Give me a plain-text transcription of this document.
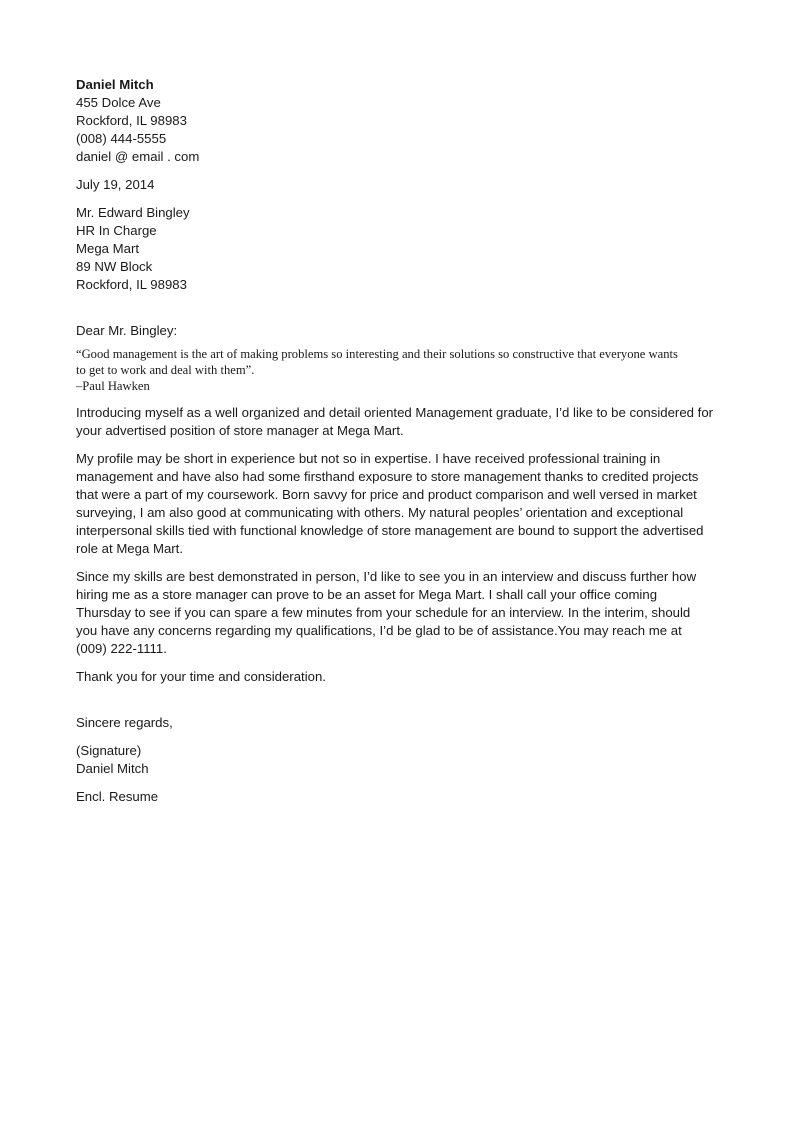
Daniel Mitch
455 Dolce Ave
Rockford, IL 98983
(008) 444-5555
daniel @ email . com
July 19, 2014
Mr. Edward Bingley
HR In Charge
Mega Mart
89 NW Block
Rockford, IL 98983
Dear Mr. Bingley:
“Good management is the art of making problems so interesting and their solutions so constructive that everyone wants
to get to work and deal with them”.
–Paul Hawken
Introducing myself as a well organized and detail oriented Management graduate, I’d like to be considered for
your advertised position of store manager at Mega Mart.
My profile may be short in experience but not so in expertise. I have received professional training in
management and have also had some firsthand exposure to store management thanks to credited projects
that were a part of my coursework. Born savvy for price and product comparison and well versed in market
surveying, I am also good at communicating with others. My natural peoples’ orientation and exceptional
interpersonal skills tied with functional knowledge of store management are bound to support the advertised
role at Mega Mart.
Since my skills are best demonstrated in person, I’d like to see you in an interview and discuss further how
hiring me as a store manager can prove to be an asset for Mega Mart. I shall call your office coming
Thursday to see if you can spare a few minutes from your schedule for an interview. In the interim, should
you have any concerns regarding my qualifications, I’d be glad to be of assistance.You may reach me at
(009) 222-1111.
Thank you for your time and consideration.
Sincere regards,
(Signature)
Daniel Mitch
Encl. Resume
